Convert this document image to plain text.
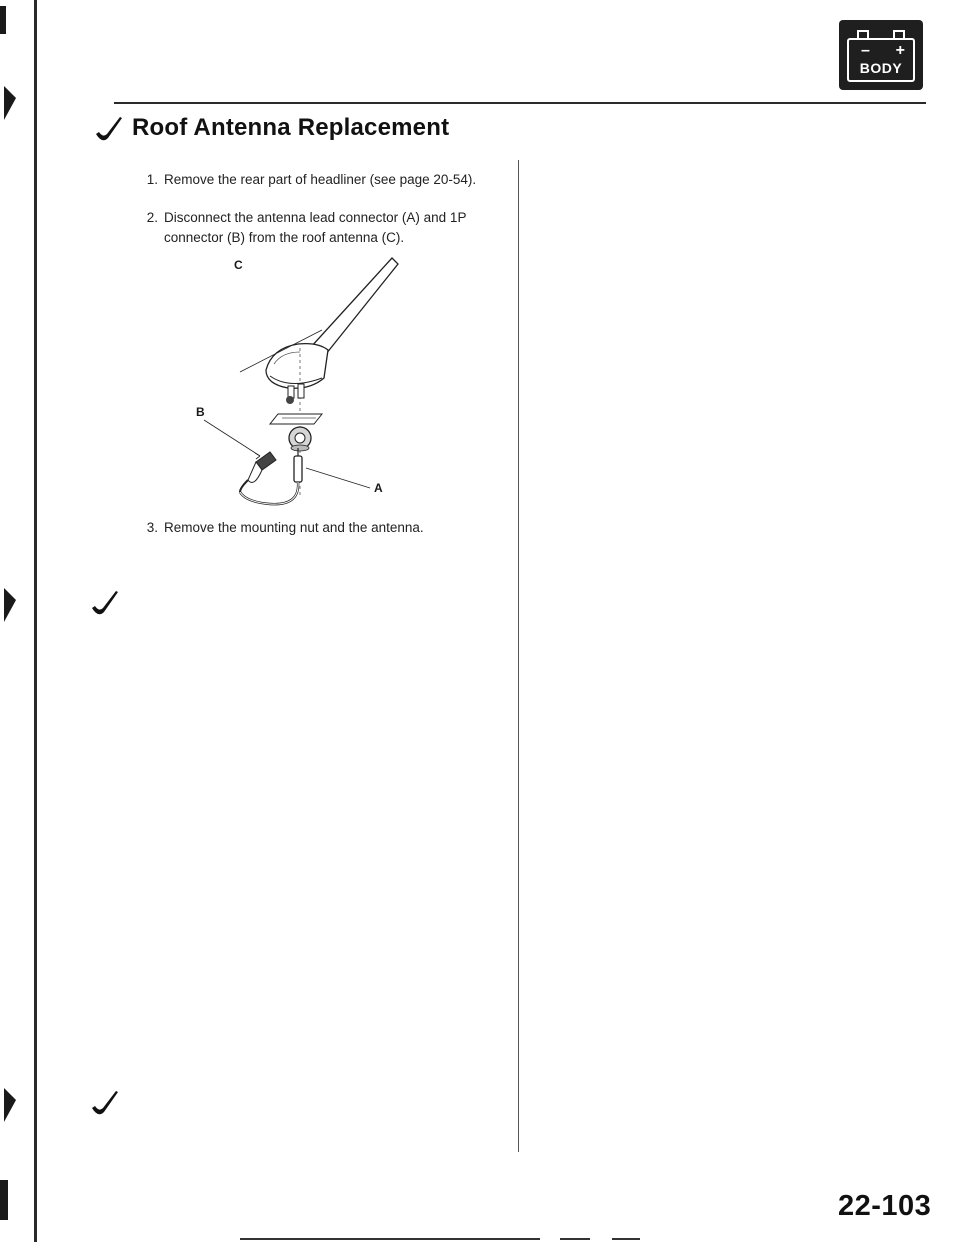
– +
BODY
Roof Antenna Replacement
1. Remove the rear part of headliner (see page 20-54).
2. Disconnect the antenna lead connector (A) and 1P connector (B) from the roof antenna (C).
C
B
A
3. Remove the mounting nut and the antenna.
22-103
